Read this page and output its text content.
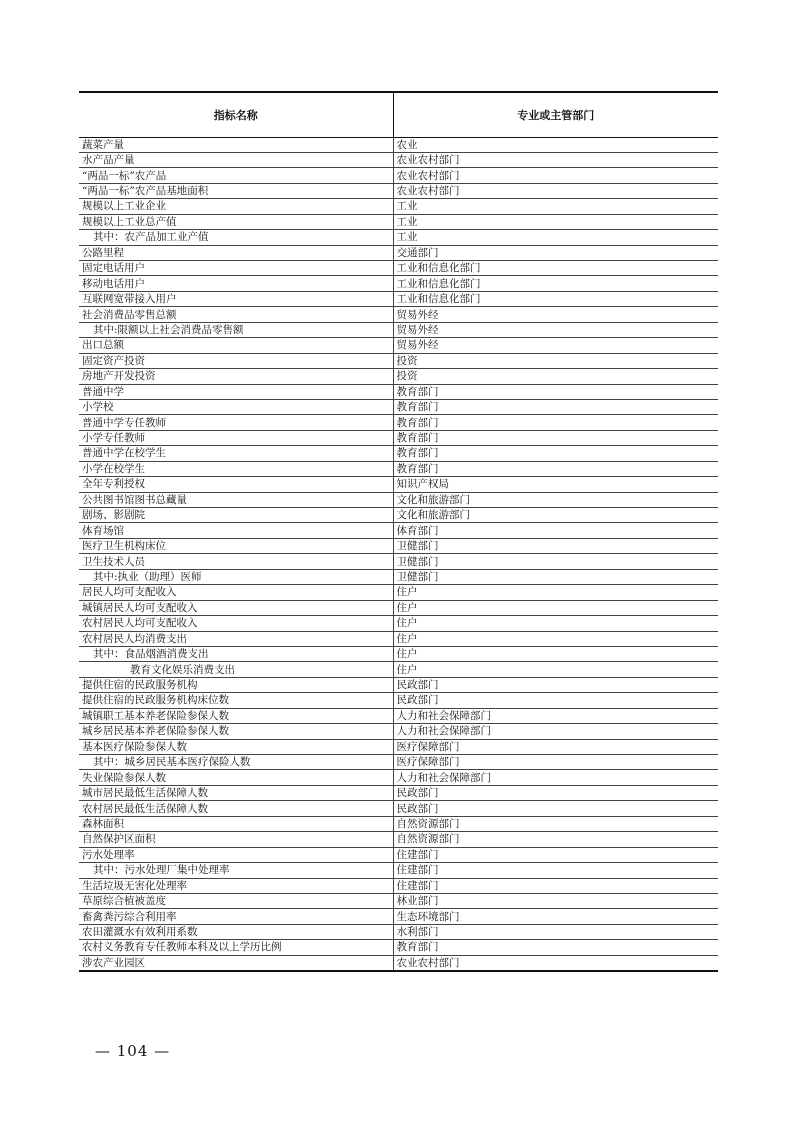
指标名称	专业或主管部门
蔬菜产量	农业
水产品产量	农业农村部门
“两品一标”农产品	农业农村部门
“两品一标”农产品基地面积	农业农村部门
规模以上工业企业	工业
规模以上工业总产值	工业
其中：农产品加工业产值	工业
公路里程	交通部门
固定电话用户	工业和信息化部门
移动电话用户	工业和信息化部门
互联网宽带接入用户	工业和信息化部门
社会消费品零售总额	贸易外经
其中:限额以上社会消费品零售额	贸易外经
出口总额	贸易外经
固定资产投资	投资
房地产开发投资	投资
普通中学	教育部门
小学校	教育部门
普通中学专任教师	教育部门
小学专任教师	教育部门
普通中学在校学生	教育部门
小学在校学生	教育部门
全年专利授权	知识产权局
公共图书馆图书总藏量	文化和旅游部门
剧场、影剧院	文化和旅游部门
体育场馆	体育部门
医疗卫生机构床位	卫健部门
卫生技术人员	卫健部门
其中:执业（助理）医师	卫健部门
居民人均可支配收入	住户
城镇居民人均可支配收入	住户
农村居民人均可支配收入	住户
农村居民人均消费支出	住户
其中：食品烟酒消费支出	住户
教育文化娱乐消费支出	住户
提供住宿的民政服务机构	民政部门
提供住宿的民政服务机构床位数	民政部门
城镇职工基本养老保险参保人数	人力和社会保障部门
城乡居民基本养老保险参保人数	人力和社会保障部门
基本医疗保险参保人数	医疗保障部门
其中：城乡居民基本医疗保险人数	医疗保障部门
失业保险参保人数	人力和社会保障部门
城市居民最低生活保障人数	民政部门
农村居民最低生活保障人数	民政部门
森林面积	自然资源部门
自然保护区面积	自然资源部门
污水处理率	住建部门
其中：污水处理厂集中处理率	住建部门
生活垃圾无害化处理率	住建部门
草原综合植被盖度	林业部门
畜禽粪污综合利用率	生态环境部门
农田灌溉水有效利用系数	水利部门
农村义务教育专任教师本科及以上学历比例	教育部门
涉农产业园区	农业农村部门
— 104 —
